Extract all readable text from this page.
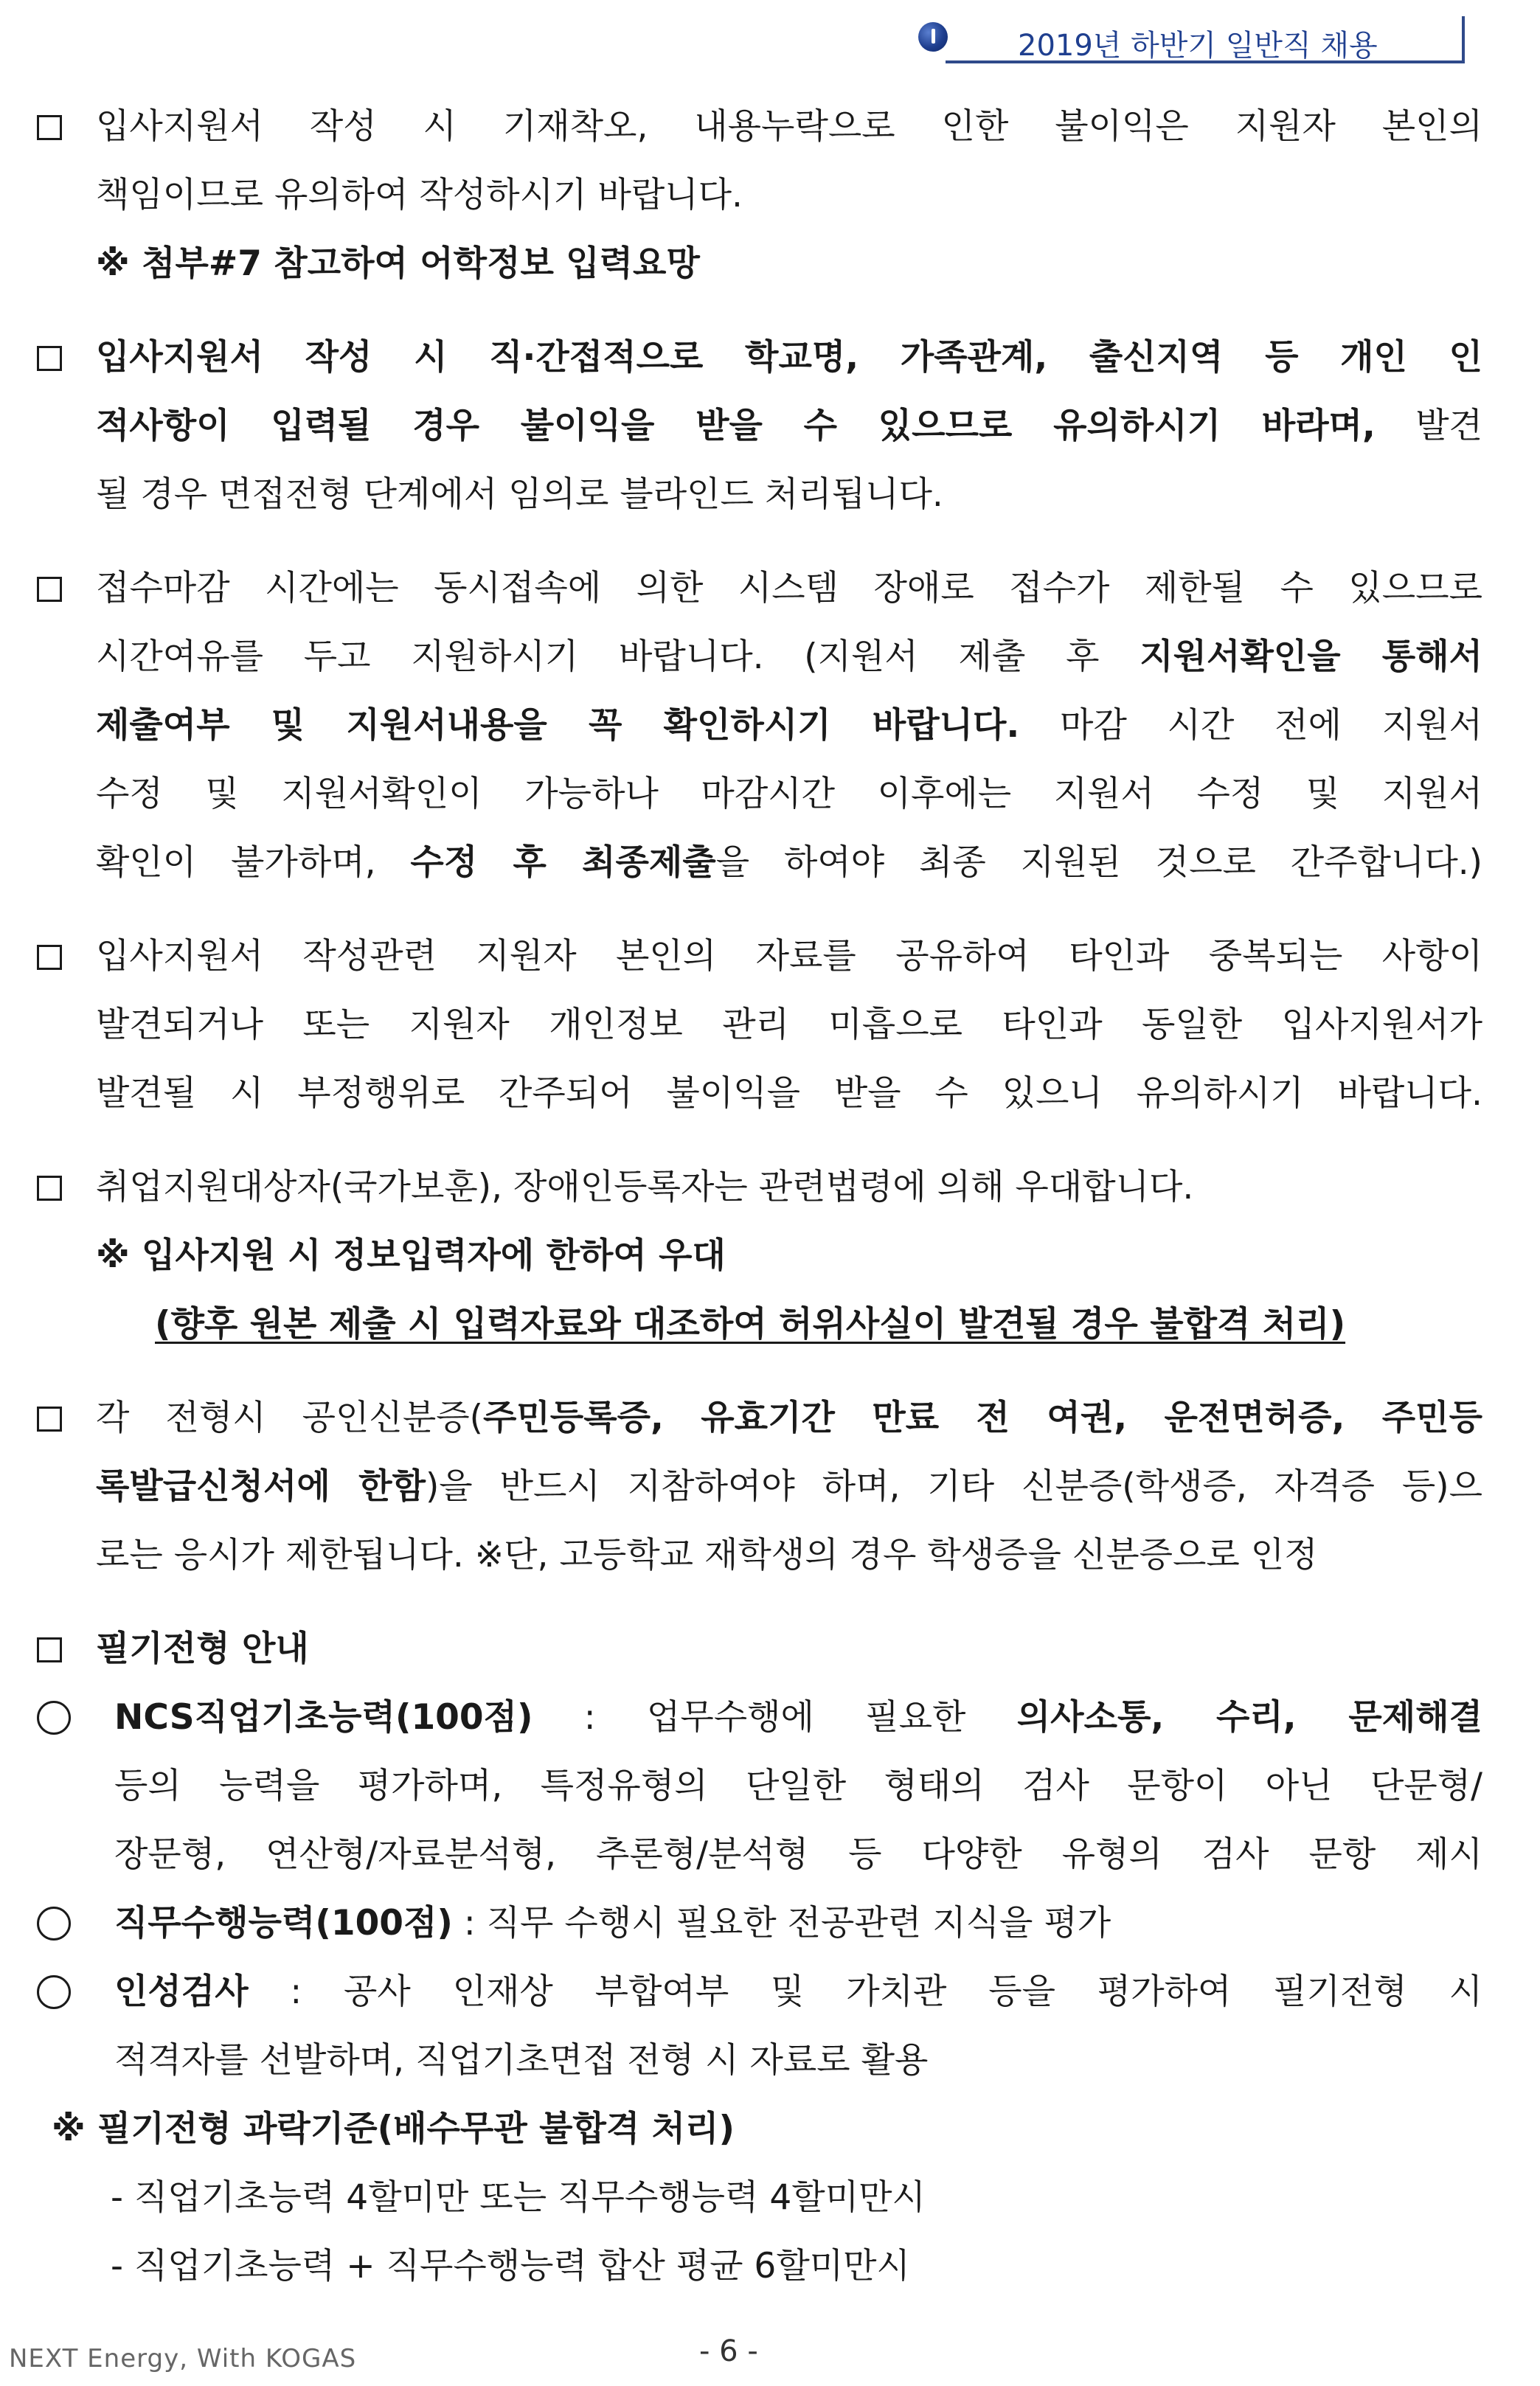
2019년 하반기 일반직 채용
입사지원서 작성 시 기재착오, 내용누락으로 인한 불이익은 지원자 본인의
책임이므로 유의하여 작성하시기 바랍니다.
※ 첨부#7 참고하여 어학정보 입력요망
입사지원서 작성 시 직·간접적으로 학교명, 가족관계, 출신지역 등 개인 인
적사항이 입력될 경우 불이익을 받을 수 있으므로 유의하시기 바라며, 발견
될 경우 면접전형 단계에서 임의로 블라인드 처리됩니다.
접수마감 시간에는 동시접속에 의한 시스템 장애로 접수가 제한될 수 있으므로
시간여유를 두고 지원하시기 바랍니다. (지원서 제출 후 지원서확인을 통해서
제출여부 및 지원서내용을 꼭 확인하시기 바랍니다. 마감 시간 전에 지원서
수정 및 지원서확인이 가능하나 마감시간 이후에는 지원서 수정 및 지원서
확인이 불가하며, 수정 후 최종제출을 하여야 최종 지원된 것으로 간주합니다.)
입사지원서 작성관련 지원자 본인의 자료를 공유하여 타인과 중복되는 사항이
발견되거나 또는 지원자 개인정보 관리 미흡으로 타인과 동일한 입사지원서가
발견될 시 부정행위로 간주되어 불이익을 받을 수 있으니 유의하시기 바랍니다.
취업지원대상자(국가보훈), 장애인등록자는 관련법령에 의해 우대합니다.
※ 입사지원 시 정보입력자에 한하여 우대
(향후 원본 제출 시 입력자료와 대조하여 허위사실이 발견될 경우 불합격 처리)
각 전형시 공인신분증(주민등록증, 유효기간 만료 전 여권, 운전면허증, 주민등
록발급신청서에 한함)을 반드시 지참하여야 하며, 기타 신분증(학생증, 자격증 등)으
로는 응시가 제한됩니다. ※단, 고등학교 재학생의 경우 학생증을 신분증으로 인정
필기전형 안내
NCS직업기초능력(100점) : 업무수행에 필요한 의사소통, 수리, 문제해결
등의 능력을 평가하며, 특정유형의 단일한 형태의 검사 문항이 아닌 단문형/
장문형, 연산형/자료분석형, 추론형/분석형 등 다양한 유형의 검사 문항 제시
직무수행능력(100점) : 직무 수행시 필요한 전공관련 지식을 평가
인성검사 : 공사 인재상 부합여부 및 가치관 등을 평가하여 필기전형 시
적격자를 선발하며, 직업기초면접 전형 시 자료로 활용
※ 필기전형 과락기준(배수무관 불합격 처리)
- 직업기초능력 4할미만 또는 직무수행능력 4할미만시
- 직업기초능력 + 직무수행능력 합산 평균 6할미만시
NEXT Energy, With KOGAS	- 6 -
